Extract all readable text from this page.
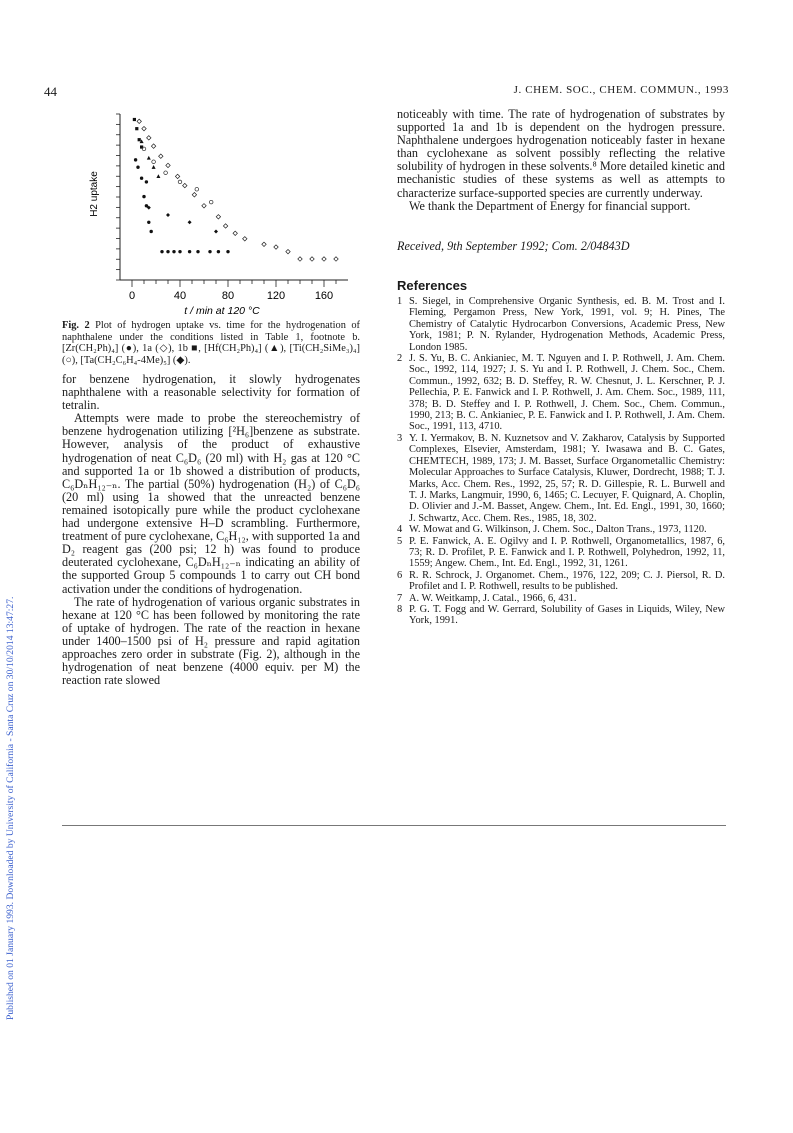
Published on 01 January 1993. Downloaded by University of California - Santa Cruz on 30/10/2014 13:47:27.
44	J. CHEM. SOC., CHEM. COMMUN., 1993
0	40	80	120	160
H2 uptake
t / min at 120 °C
Fig. 2 Plot of hydrogen uptake vs. time for the hydrogenation of naphthalene under the conditions listed in Table 1, footnote b. [Zr(CH₂Ph)₄] (●), 1a (◇), 1b ■, [Hf(CH₂Ph)₄] (▲), [Ti(CH₂SiMe₃)₄] (○), [Ta(CH₂C₆H₄-4Me)₅] (◆).

for benzene hydrogenation, it slowly hydrogenates naphthalene with a reasonable selectivity for formation of tetralin.

Attempts were made to probe the stereochemistry of benzene hydrogenation utilizing [²H₆]benzene as substrate. However, analysis of the product of exhaustive hydrogenation of neat C₆D₆ (20 ml) with H₂ gas at 120 °C and supported 1a or 1b showed a distribution of products, C₆DₙH₁₂₋ₙ. The partial (50%) hydrogenation (H₂) of C₆D₆ (20 ml) using 1a showed that the unreacted benzene remained isotopically pure while the product cyclohexane had undergone extensive H–D scrambling. Furthermore, treatment of pure cyclohexane, C₆H₁₂, with supported 1a and D₂ reagent gas (200 psi; 12 h) was found to produce deuterated cyclohexane, C₆DₙH₁₂₋ₙ indicating an ability of the supported Group 5 compounds 1 to carry out CH bond activation under the conditions of hydrogenation.

The rate of hydrogenation of various organic substrates in hexane at 120 °C has been followed by monitoring the rate of uptake of hydrogen. The rate of the reaction in hexane under 1400–1500 psi of H₂ pressure and rapid agitation approaches zero order in substrate (Fig. 2), although in the hydrogenation of neat benzene (4000 equiv. per M) the reaction rate slowed

noticeably with time. The rate of hydrogenation of substrates by supported 1a and 1b is dependent on the hydrogen pressure. Naphthalene undergoes hydrogenation noticeably faster in hexane than cyclohexane as solvent possibly reflecting the relative solubility of hydrogen in these solvents.⁸ More detailed kinetic and mechanistic studies of these systems as well as attempts to characterize surface-supported species are currently underway.

We thank the Department of Energy for financial support.

Received, 9th September 1992; Com. 2/04843D
References
1 S. Siegel, in Comprehensive Organic Synthesis, ed. B. M. Trost and I. Fleming, Pergamon Press, New York, 1991, vol. 9; H. Pines, The Chemistry of Catalytic Hydrocarbon Conversions, Academic Press, New York, 1981; P. N. Rylander, Hydrogenation Methods, Academic Press, London 1985.
2 J. S. Yu, B. C. Ankianiec, M. T. Nguyen and I. P. Rothwell, J. Am. Chem. Soc., 1992, 114, 1927; J. S. Yu and I. P. Rothwell, J. Chem. Soc., Chem. Commun., 1992, 632; B. D. Steffey, R. W. Chesnut, J. L. Kerschner, P. J. Pellechia, P. E. Fanwick and I. P. Rothwell, J. Am. Chem. Soc., 1989, 111, 378; B. D. Steffey and I. P. Rothwell, J. Chem. Soc., Chem. Commun., 1990, 213; B. C. Ankianiec, P. E. Fanwick and I. P. Rothwell, J. Am. Chem. Soc., 1991, 113, 4710.
3 Y. I. Yermakov, B. N. Kuznetsov and V. Zakharov, Catalysis by Supported Complexes, Elsevier, Amsterdam, 1981; Y. Iwasawa and B. C. Gates, CHEMTECH, 1989, 173; J. M. Basset, Surface Organometallic Chemistry: Molecular Approaches to Surface Catalysis, Kluwer, Dordrecht, 1988; T. J. Marks, Acc. Chem. Res., 1992, 25, 57; R. D. Gillespie, R. L. Burwell and T. J. Marks, Langmuir, 1990, 6, 1465; C. Lecuyer, F. Quignard, A. Choplin, D. Olivier and J.-M. Basset, Angew. Chem., Int. Ed. Engl., 1991, 30, 1660; J. Schwartz, Acc. Chem. Res., 1985, 18, 302.
4 W. Mowat and G. Wilkinson, J. Chem. Soc., Dalton Trans., 1973, 1120.
5 P. E. Fanwick, A. E. Ogilvy and I. P. Rothwell, Organometallics, 1987, 6, 73; R. D. Profilet, P. E. Fanwick and I. P. Rothwell, Polyhedron, 1992, 11, 1559; Angew. Chem., Int. Ed. Engl., 1992, 31, 1261.
6 R. R. Schrock, J. Organomet. Chem., 1976, 122, 209; C. J. Piersol, R. D. Profilet and I. P. Rothwell, results to be published.
7 A. W. Weitkamp, J. Catal., 1966, 6, 431.
8 P. G. T. Fogg and W. Gerrard, Solubility of Gases in Liquids, Wiley, New York, 1991.
